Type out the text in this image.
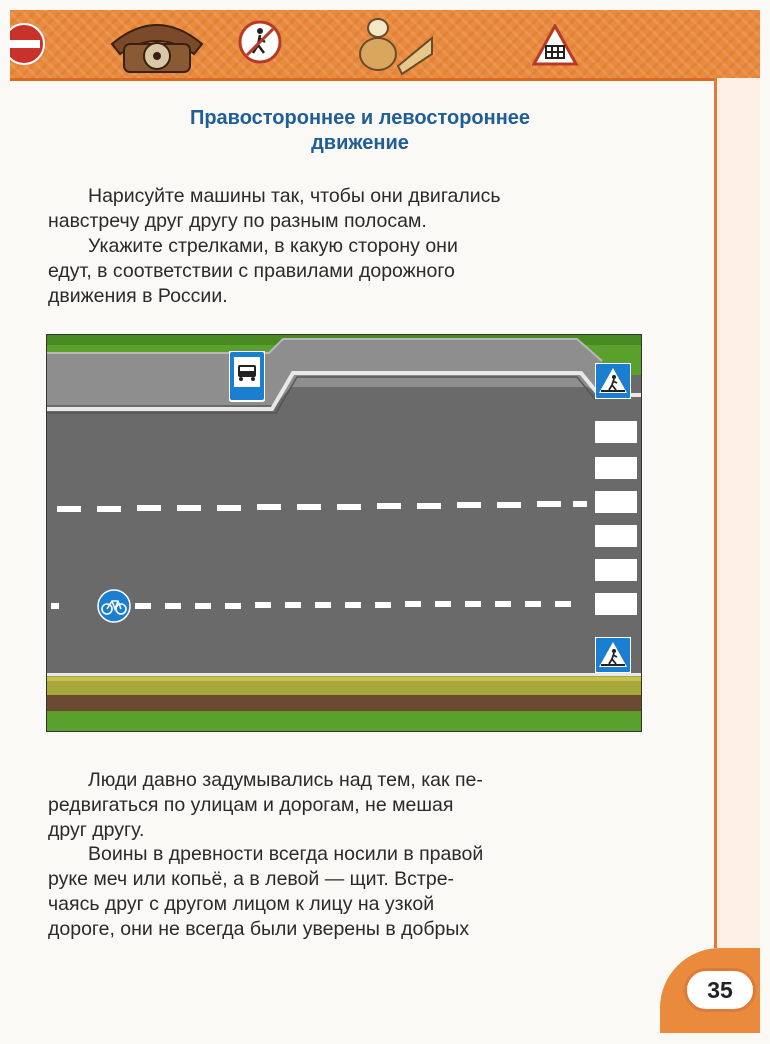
35
Правостороннее и левостороннее
движение
Нарисуйте машины так, чтобы они двигались
навстречу друг другу по разным полосам.
Укажите стрелками, в какую сторону они
едут, в соответствии с правилами дорожного
движения в России.
Люди давно задумывались над тем, как пе-
редвигаться по улицам и дорогам, не мешая
друг другу.
Воины в древности всегда носили в правой
руке меч или копьё, а в левой — щит. Встре-
чаясь друг с другом лицом к лицу на узкой
дороге, они не всегда были уверены в добрых
